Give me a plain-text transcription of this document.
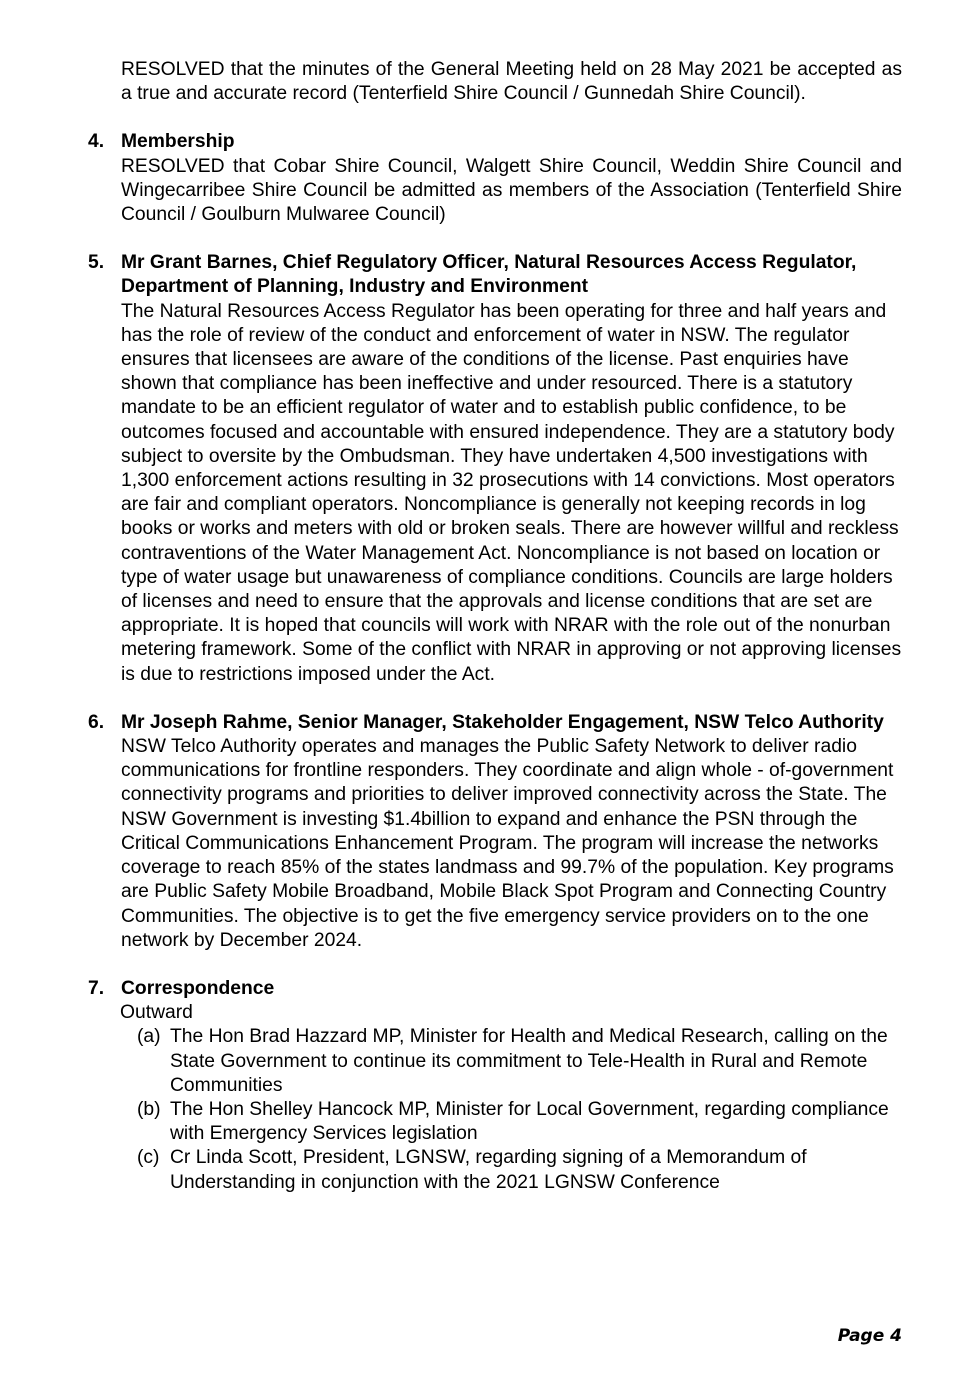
RESOLVED that the minutes of the General Meeting held on 28 May 2021 be accepted as a true and accurate record (Tenterfield Shire Council / Gunnedah Shire Council).
4. Membership
RESOLVED that Cobar Shire Council, Walgett Shire Council, Weddin Shire Council and Wingecarribee Shire Council be admitted as members of the Association (Tenterfield Shire Council / Goulburn Mulwaree Council)
5. Mr Grant Barnes, Chief Regulatory Officer, Natural Resources Access Regulator, Department of Planning, Industry and Environment
The Natural Resources Access Regulator has been operating for three and half years and has the role of review of the conduct and enforcement of water in NSW. The regulator ensures that licensees are aware of the conditions of the license. Past enquiries have shown that compliance has been ineffective and under resourced. There is a statutory mandate to be an efficient regulator of water and to establish public confidence, to be outcomes focused and accountable with ensured independence. They are a statutory body subject to oversite by the Ombudsman. They have undertaken 4,500 investigations with 1,300 enforcement actions resulting in 32 prosecutions with 14 convictions. Most operators are fair and compliant operators. Noncompliance is generally not keeping records in log books or works and meters with old or broken seals. There are however willful and reckless contraventions of the Water Management Act. Noncompliance is not based on location or type of water usage but unawareness of compliance conditions. Councils are large holders of licenses and need to ensure that the approvals and license conditions that are set are appropriate. It is hoped that councils will work with NRAR with the role out of the nonurban metering framework. Some of the conflict with NRAR in approving or not approving licenses is due to restrictions imposed under the Act.
6. Mr Joseph Rahme, Senior Manager, Stakeholder Engagement, NSW Telco Authority
NSW Telco Authority operates and manages the Public Safety Network to deliver radio communications for frontline responders. They coordinate and align whole - of-government connectivity programs and priorities to deliver improved connectivity across the State. The NSW Government is investing $1.4billion to expand and enhance the PSN through the Critical Communications Enhancement Program. The program will increase the networks coverage to reach 85% of the states landmass and 99.7% of the population. Key programs are Public Safety Mobile Broadband, Mobile Black Spot Program and Connecting Country Communities. The objective is to get the five emergency service providers on to the one network by December 2024.
7. Correspondence
Outward
(a) The Hon Brad Hazzard MP, Minister for Health and Medical Research, calling on the State Government to continue its commitment to Tele-Health in Rural and Remote Communities
(b) The Hon Shelley Hancock MP, Minister for Local Government, regarding compliance with Emergency Services legislation
(c) Cr Linda Scott, President, LGNSW, regarding signing of a Memorandum of Understanding in conjunction with the 2021 LGNSW Conference
Page 4
